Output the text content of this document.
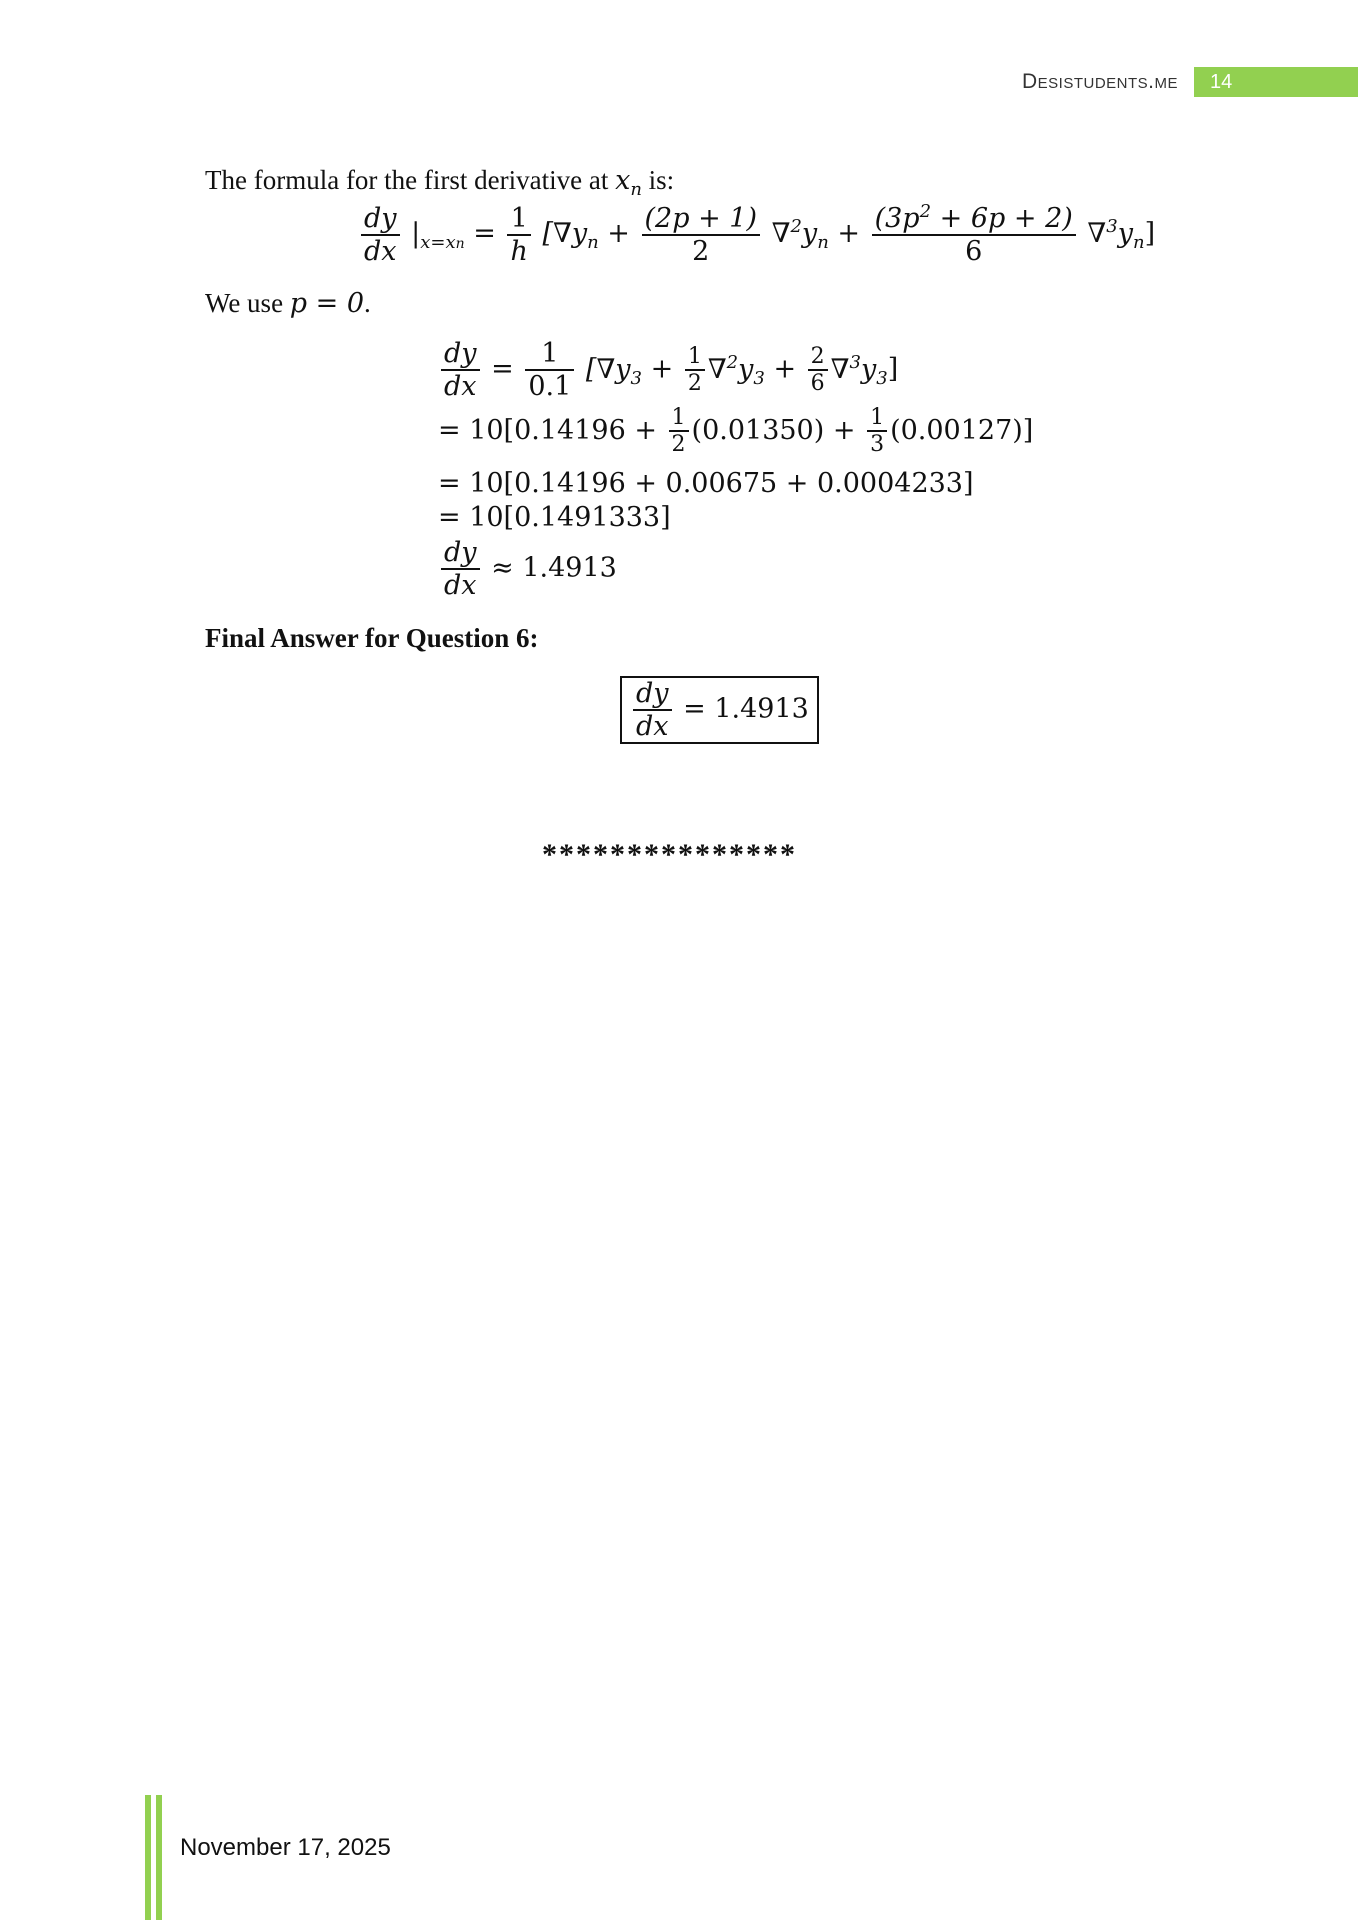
Desistudents.me	14
The formula for the first derivative at $x_n$ is:
$\frac{dy}{dx} |_{x=xn} = \frac{1}{h} [\nabla y_n + \frac{(2p + 1)}{2} \nabla^2y_n + \frac{(3p^2 + 6p + 2)}{6} \nabla^3y_n]$
We use p = 0.
$\frac{dy}{dx} = \frac{1}{0.1} [\nabla y_3 + \frac{1}{2} \nabla^2y_3 + \frac{2}{6} \nabla^3y_3]$
= $10[0.14196 + \frac{1}{2} (0.01350) + \frac{1}{3} (0.00127)]$
= 10[0.14196 + 0.00675 + 0.0004233]
= 10[0.1491333]
$\frac{dy}{dx} \approx 1.4913$
Final Answer for Question 6:
$\frac{dy}{dx} = 1.4913$
***************
November 17, 2025
